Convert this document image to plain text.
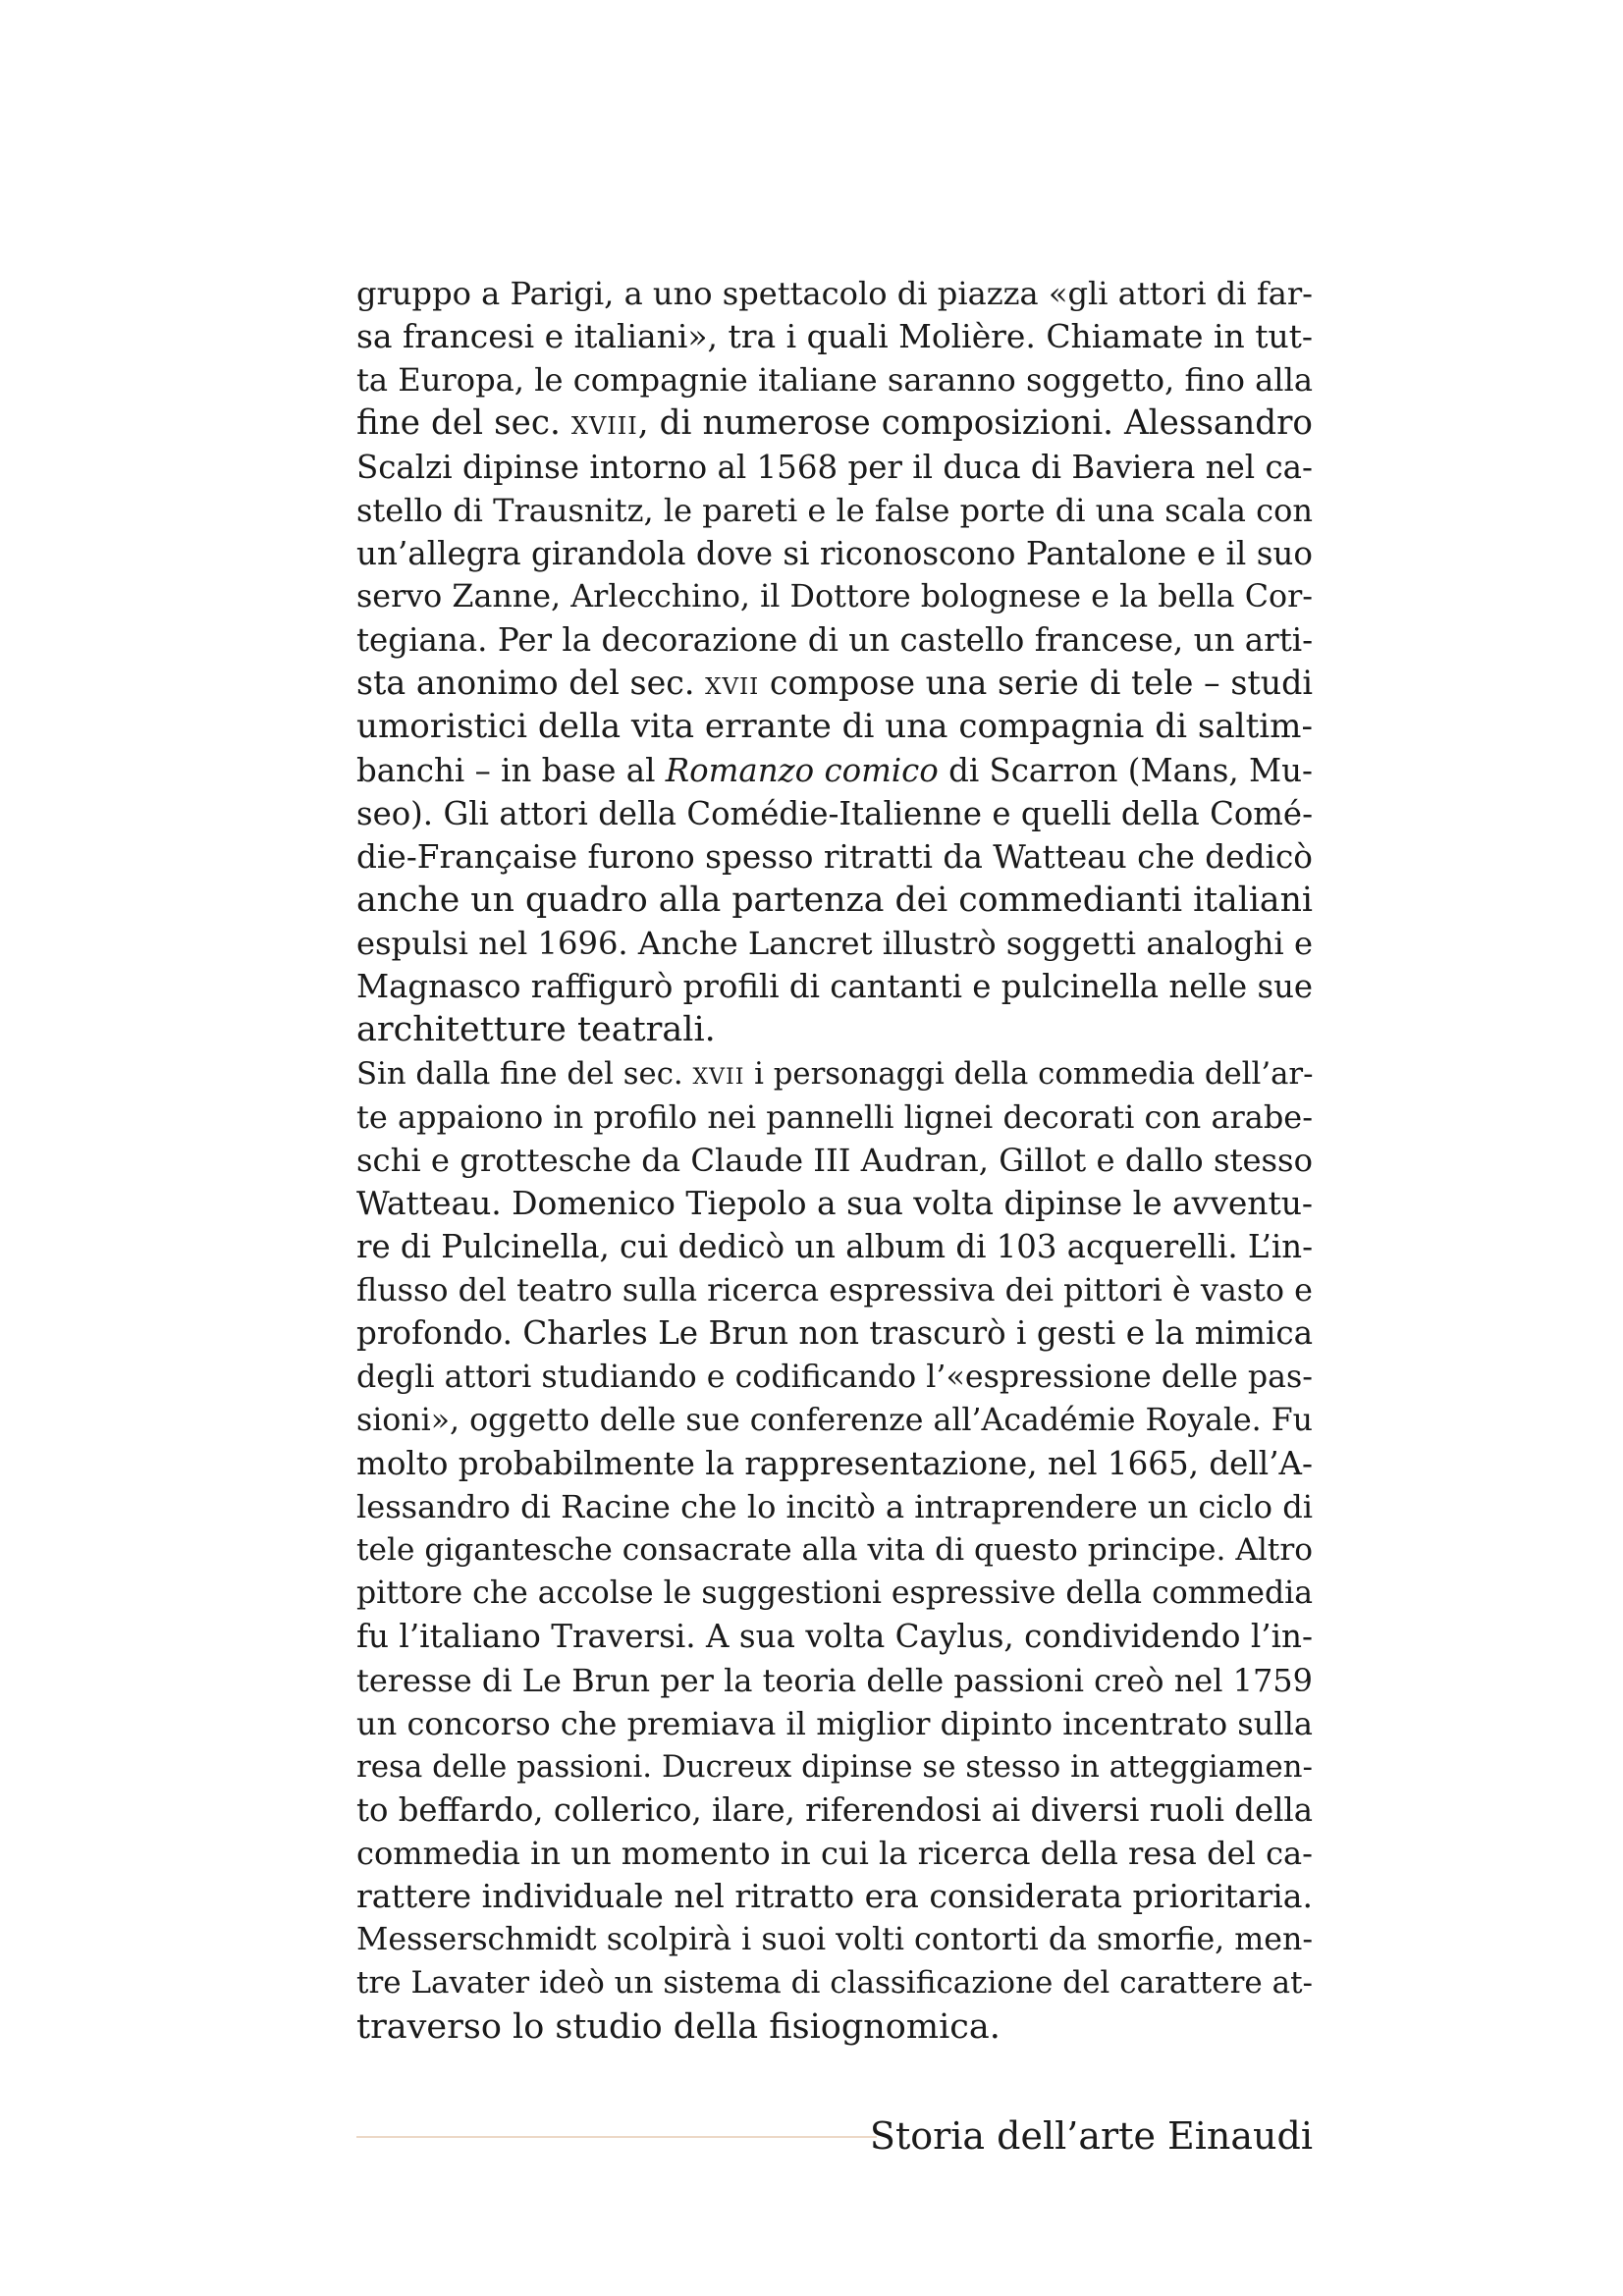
gruppo a Parigi, a uno spettacolo di piazza «gli attori di far-
sa francesi e italiani», tra i quali Molière. Chiamate in tut-
ta Europa, le compagnie italiane saranno soggetto, fino alla
fine del sec. xviii, di numerose composizioni. Alessandro
Scalzi dipinse intorno al 1568 per il duca di Baviera nel ca-
stello di Trausnitz, le pareti e le false porte di una scala con
un’allegra girandola dove si riconoscono Pantalone e il suo
servo Zanne, Arlecchino, il Dottore bolognese e la bella Cor-
tegiana. Per la decorazione di un castello francese, un arti-
sta anonimo del sec. xvii compose una serie di tele – studi
umoristici della vita errante di una compagnia di saltim-
banchi – in base al Romanzo comico di Scarron (Mans, Mu-
seo). Gli attori della Comédie-Italienne e quelli della Comé-
die-Française furono spesso ritratti da Watteau che dedicò
anche un quadro alla partenza dei commedianti italiani
espulsi nel 1696. Anche Lancret illustrò soggetti analoghi e
Magnasco raffigurò profili di cantanti e pulcinella nelle sue
architetture teatrali.
Sin dalla fine del sec. xvii i personaggi della commedia dell’ar-
te appaiono in profilo nei pannelli lignei decorati con arabe-
schi e grottesche da Claude III Audran, Gillot e dallo stesso
Watteau. Domenico Tiepolo a sua volta dipinse le avventu-
re di Pulcinella, cui dedicò un album di 103 acquerelli. L’in-
flusso del teatro sulla ricerca espressiva dei pittori è vasto e
profondo. Charles Le Brun non trascurò i gesti e la mimica
degli attori studiando e codificando l’«espressione delle pas-
sioni», oggetto delle sue conferenze all’Académie Royale. Fu
molto probabilmente la rappresentazione, nel 1665, dell’A-
lessandro di Racine che lo incitò a intraprendere un ciclo di
tele gigantesche consacrate alla vita di questo principe. Altro
pittore che accolse le suggestioni espressive della commedia
fu l’italiano Traversi. A sua volta Caylus, condividendo l’in-
teresse di Le Brun per la teoria delle passioni creò nel 1759
un concorso che premiava il miglior dipinto incentrato sulla
resa delle passioni. Ducreux dipinse se stesso in atteggiamen-
to beffardo, collerico, ilare, riferendosi ai diversi ruoli della
commedia in un momento in cui la ricerca della resa del ca-
rattere individuale nel ritratto era considerata prioritaria.
Messerschmidt scolpirà i suoi volti contorti da smorfie, men-
tre Lavater ideò un sistema di classificazione del carattere at-
traverso lo studio della fisiognomica.
Storia dell’arte Einaudi
